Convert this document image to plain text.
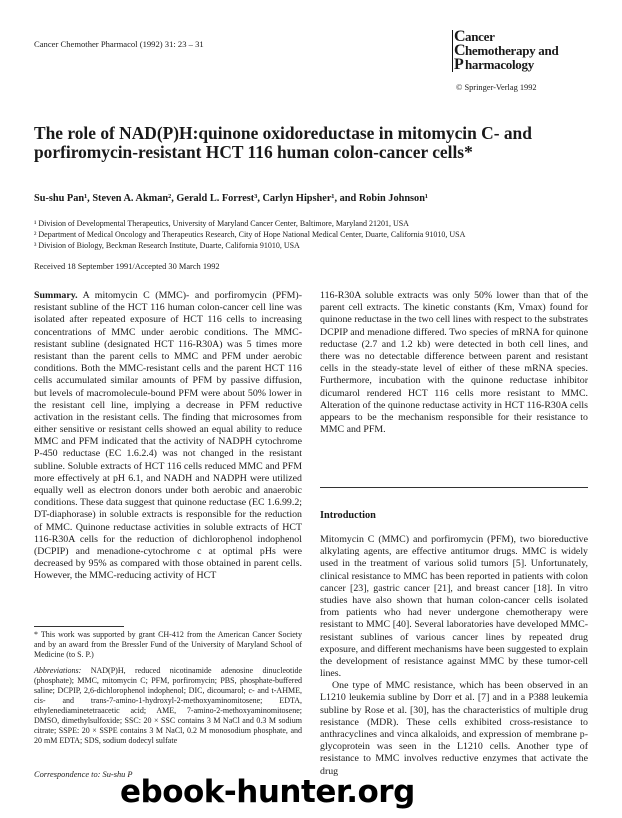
Cancer Chemother Pharmacol (1992) 31: 23 – 31	C ancer
C hemotherapy and
P harmacology
© Springer-Verlag 1992
The role of NAD(P)H:quinone oxidoreductase in mitomycin C- and porfiromycin-resistant HCT 116 human colon-cancer cells*
Su-shu Pan¹, Steven A. Akman², Gerald L. Forrest³, Carlyn Hipsher¹, and Robin Johnson¹
¹ Division of Developmental Therapeutics, University of Maryland Cancer Center, Baltimore, Maryland 21201, USA
² Department of Medical Oncology and Therapeutics Research, City of Hope National Medical Center, Duarte, California 91010, USA
³ Division of Biology, Beckman Research Institute, Duarte, California 91010, USA
Received 18 September 1991/Accepted 30 March 1992

Summary. A mitomycin C (MMC)- and porfiromycin (PFM)-resistant subline of the HCT 116 human colon-cancer cell line was isolated after repeated exposure of HCT 116 cells to increasing concentrations of MMC under aerobic conditions. The MMC-resistant subline (designated HCT 116-R30A) was 5 times more resistant than the parent cells to MMC and PFM under aerobic conditions. Both the MMC-resistant cells and the parent HCT 116 cells accumulated similar amounts of PFM by passive diffusion, but levels of macromolecule-bound PFM were about 50% lower in the resistant cell line, implying a decrease in PFM reductive activation in the resistant cells. The finding that microsomes from either sensitive or resistant cells showed an equal ability to reduce MMC and PFM indicated that the activity of NADPH cytochrome P-450 reductase (EC 1.6.2.4) was not changed in the resistant subline. Soluble extracts of HCT 116 cells reduced MMC and PFM more effectively at pH 6.1, and NADH and NADPH were utilized equally well as electron donors under both aerobic and anaerobic conditions. These data suggest that quinone reductase (EC 1.6.99.2; DT-diaphorase) in soluble extracts is responsible for the reduction of MMC. Quinone reductase activities in soluble extracts of HCT 116-R30A cells for the reduction of dichlorophenol indophenol (DCPIP) and menadione-cytochrome c at optimal pHs were decreased by 95% as compared with those obtained in parent cells. However, the MMC-reducing activity of HCT

116-R30A soluble extracts was only 50% lower than that of the parent cell extracts. The kinetic constants (Km, Vmax) found for quinone reductase in the two cell lines with respect to the substrates DCPIP and menadione differed. Two species of mRNA for quinone reductase (2.7 and 1.2 kb) were detected in both cell lines, and there was no detectable difference between parent and resistant cells in the steady-state level of either of these mRNA species. Furthermore, incubation with the quinone reductase inhibitor dicumarol rendered HCT 116 cells more resistant to MMC. Alteration of the quinone reductase activity in HCT 116-R30A cells appears to be the mechanism responsible for their resistance to MMC and PFM.

Introduction

Mitomycin C (MMC) and porfiromycin (PFM), two bioreductive alkylating agents, are effective antitumor drugs. MMC is widely used in the treatment of various solid tumors [5]. Unfortunately, clinical resistance to MMC has been reported in patients with colon cancer [23], gastric cancer [21], and breast cancer [18]. In vitro studies have also shown that human colon-cancer cells isolated from patients who had never undergone chemotherapy were resistant to MMC [40]. Several laboratories have developed MMC-resistant sublines of various cancer lines by repeated drug exposure, and different mechanisms have been suggested to explain the development of resistance against MMC by these tumor-cell lines.

One type of MMC resistance, which has been observed in an L1210 leukemia subline by Dorr et al. [7] and in a P388 leukemia subline by Rose et al. [30], has the characteristics of multiple drug resistance (MDR). These cells exhibited cross-resistance to anthracyclines and vinca alkaloids, and expression of membrane p-glycoprotein was seen in the L1210 cells. Another type of resistance to MMC involves reductive enzymes that activate the drug

* This work was supported by grant CH-412 from the American Cancer Society and by an award from the Bressler Fund of the University of Maryland School of Medicine (to S. P.)

Abbreviations: NAD(P)H, reduced nicotinamide adenosine dinucleotide (phosphate); MMC, mitomycin C; PFM, porfiromycin; PBS, phosphate-buffered saline; DCPIP, 2,6-dichlorophenol indophenol; DIC, dicoumarol; c- and t-AHME, cis- and trans-7-amino-1-hydroxyl-2-methoxyaminomitosene; EDTA, ethylenediaminetetraacetic acid; AME, 7-amino-2-methoxyaminomitosene; DMSO, dimethylsulfoxide; SSC: 20 × SSC contains 3 M NaCl and 0.3 M sodium citrate; SSPE: 20 × SSPE contains 3 M NaCl, 0.2 M monosodium phosphate, and 20 mM EDTA; SDS, sodium dodecyl sulfate

Correspondence to: Su-shu P
ebook-hunter.org
